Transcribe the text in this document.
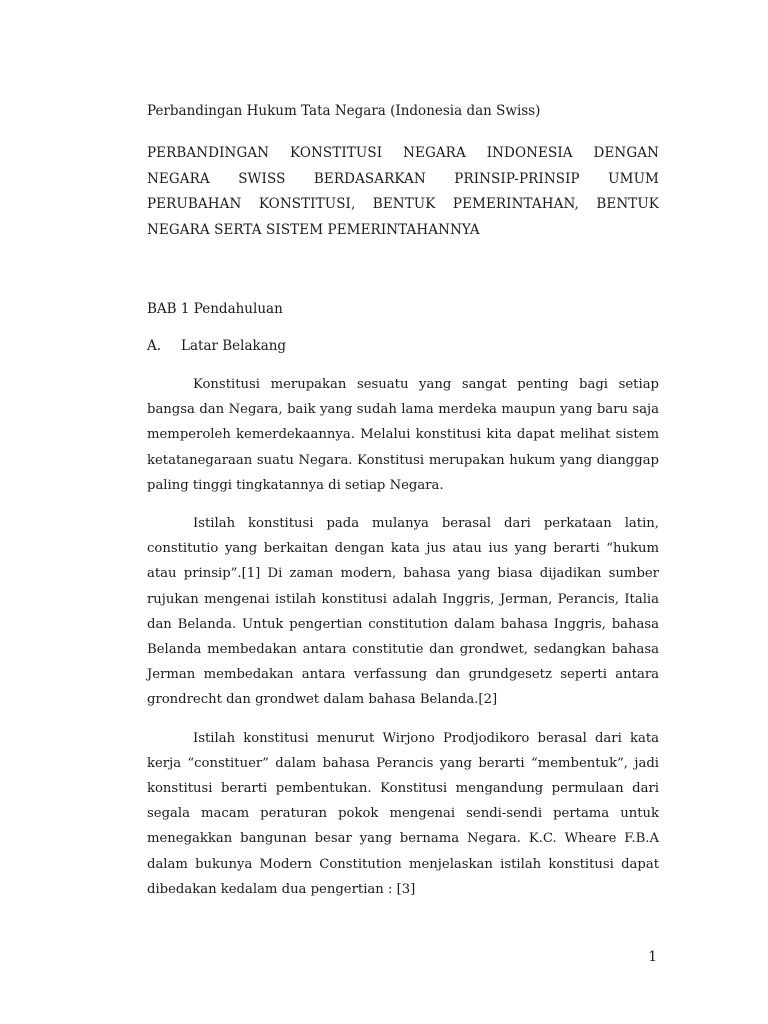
Perbandingan Hukum Tata Negara (Indonesia dan Swiss)

PERBANDINGAN KONSTITUSI NEGARA INDONESIA DENGAN NEGARA SWISS BERDASARKAN PRINSIP-PRINSIP UMUM PERUBAHAN KONSTITUSI, BENTUK PEMERINTAHAN, BENTUK NEGARA SERTA SISTEM PEMERINTAHANNYA

BAB 1 Pendahuluan

A.	Latar Belakang

Konstitusi merupakan sesuatu yang sangat penting bagi setiap bangsa dan Negara, baik yang sudah lama merdeka maupun yang baru saja memperoleh kemerdekaannya. Melalui konstitusi kita dapat melihat sistem ketatanegaraan suatu Negara. Konstitusi merupakan hukum yang dianggap paling tinggi tingkatannya di setiap Negara.

Istilah konstitusi pada mulanya berasal dari perkataan latin, constitutio yang berkaitan dengan kata jus atau ius yang berarti “hukum atau prinsip”.[1] Di zaman modern, bahasa yang biasa dijadikan sumber rujukan mengenai istilah konstitusi adalah Inggris, Jerman, Perancis, Italia dan Belanda. Untuk pengertian constitution dalam bahasa Inggris, bahasa Belanda membedakan antara constitutie dan grondwet, sedangkan bahasa Jerman membedakan antara verfassung dan grundgesetz seperti antara grondrecht dan grondwet dalam bahasa Belanda.[2]

Istilah konstitusi menurut Wirjono Prodjodikoro berasal dari kata kerja “constituer” dalam bahasa Perancis yang berarti “membentuk”, jadi konstitusi berarti pembentukan. Konstitusi mengandung permulaan dari segala macam peraturan pokok mengenai sendi-sendi pertama untuk menegakkan bangunan besar yang bernama Negara. K.C. Wheare F.B.A dalam bukunya Modern Constitution menjelaskan istilah konstitusi dapat dibedakan kedalam dua pengertian : [3]

1
